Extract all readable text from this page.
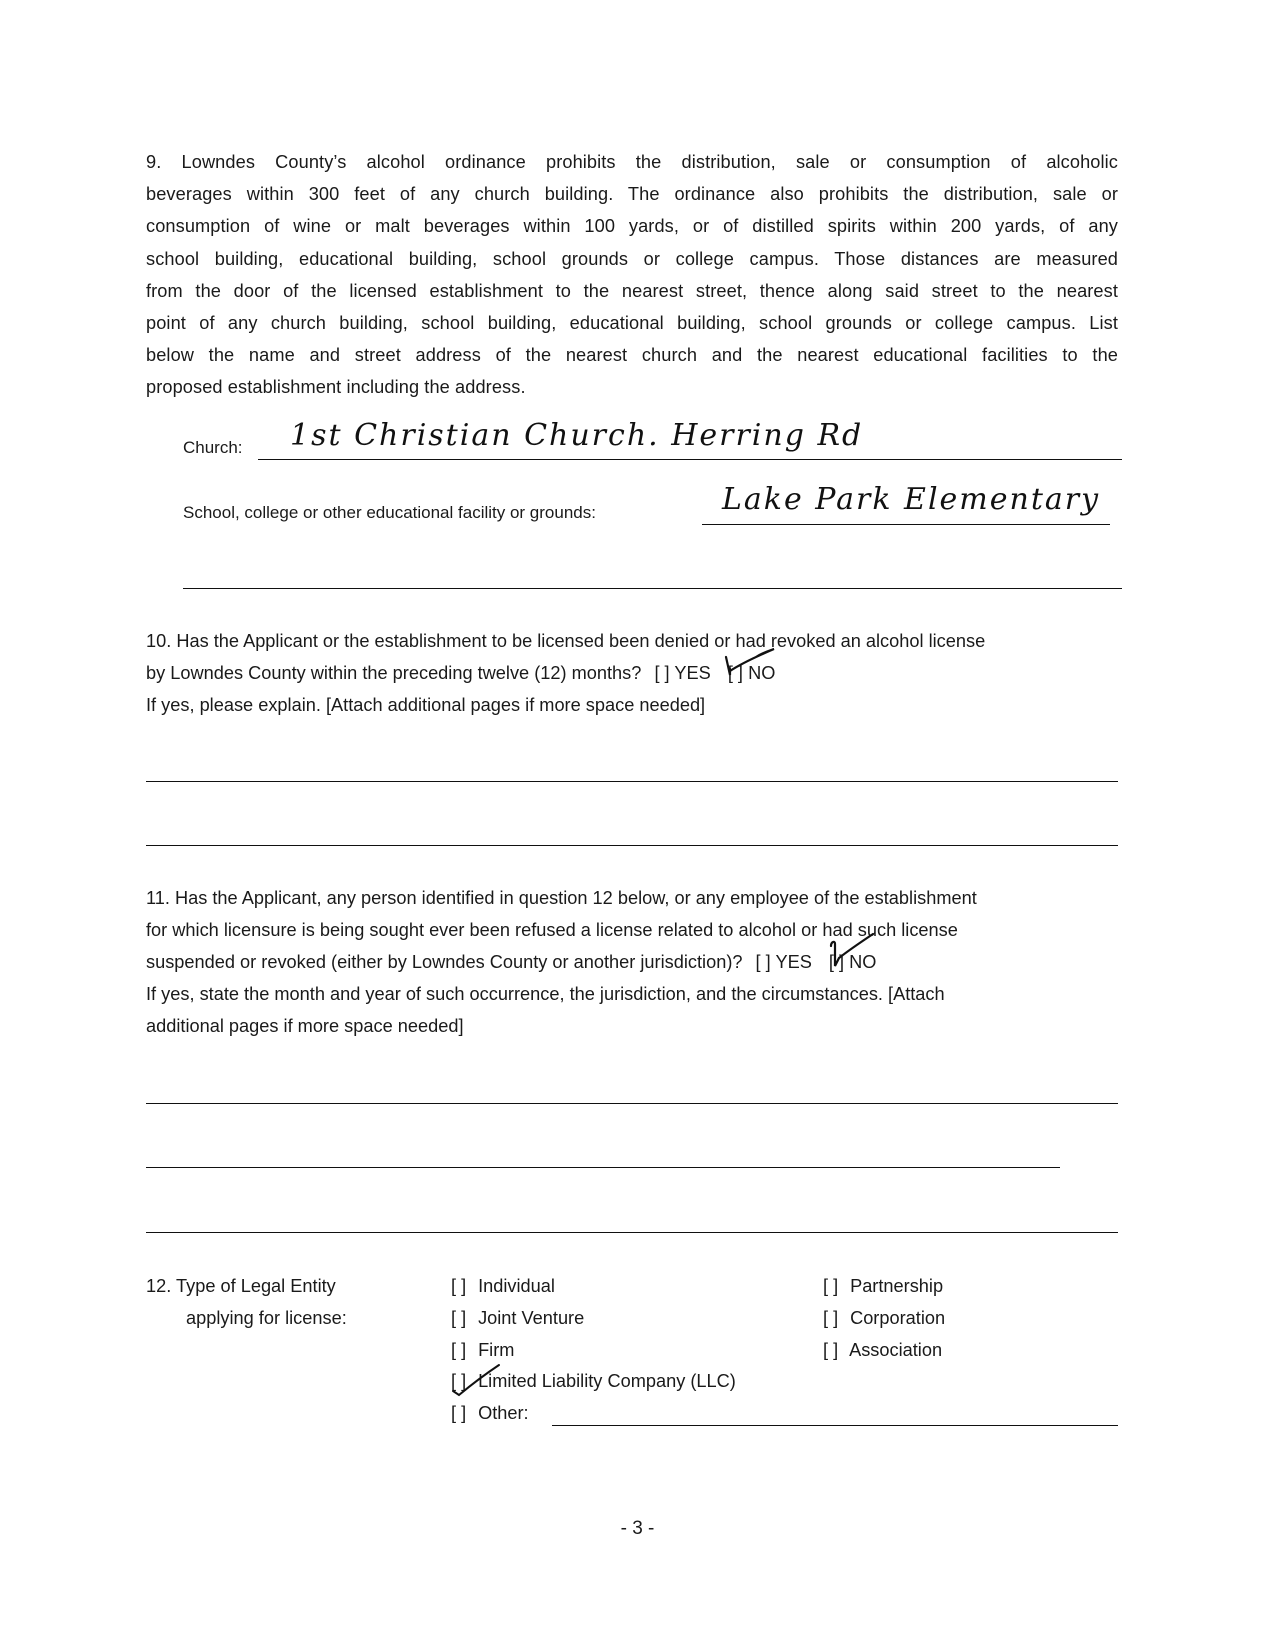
9. Lowndes County’s alcohol ordinance prohibits the distribution, sale or consumption of alcoholic
beverages within 300 feet of any church building. The ordinance also prohibits the distribution, sale or
consumption of wine or malt beverages within 100 yards, or of distilled spirits within 200 yards, of any
school building, educational building, school grounds or college campus. Those distances are measured
from the door of the licensed establishment to the nearest street, thence along said street to the nearest
point of any church building, school building, educational building, school grounds or college campus. List
below the name and street address of the nearest church and the nearest educational facilities to the
proposed establishment including the address.
Church: 1st Christian Church. Herring Rd
School, college or other educational facility or grounds:	Lake Park Elementary
10. Has the Applicant or the establishment to be licensed been denied or had revoked an alcohol license
by Lowndes County within the preceding twelve (12) months? [ ] YES [ ] NO
If yes, please explain. [Attach additional pages if more space needed]
11. Has the Applicant, any person identified in question 12 below, or any employee of the establishment
for which licensure is being sought ever been refused a license related to alcohol or had such license
suspended or revoked (either by Lowndes County or another jurisdiction)? [ ] YES [ ] NO
If yes, state the month and year of such occurrence, the jurisdiction, and the circumstances. [Attach
additional pages if more space needed]
12. Type of Legal Entity
applying for license:
[ ] Individual
[ ] Joint Venture
[ ] Firm
[ ] Limited Liability Company (LLC)
[ ] Other:
[ ] Partnership
[ ] Corporation
[ ] Association
- 3 -
